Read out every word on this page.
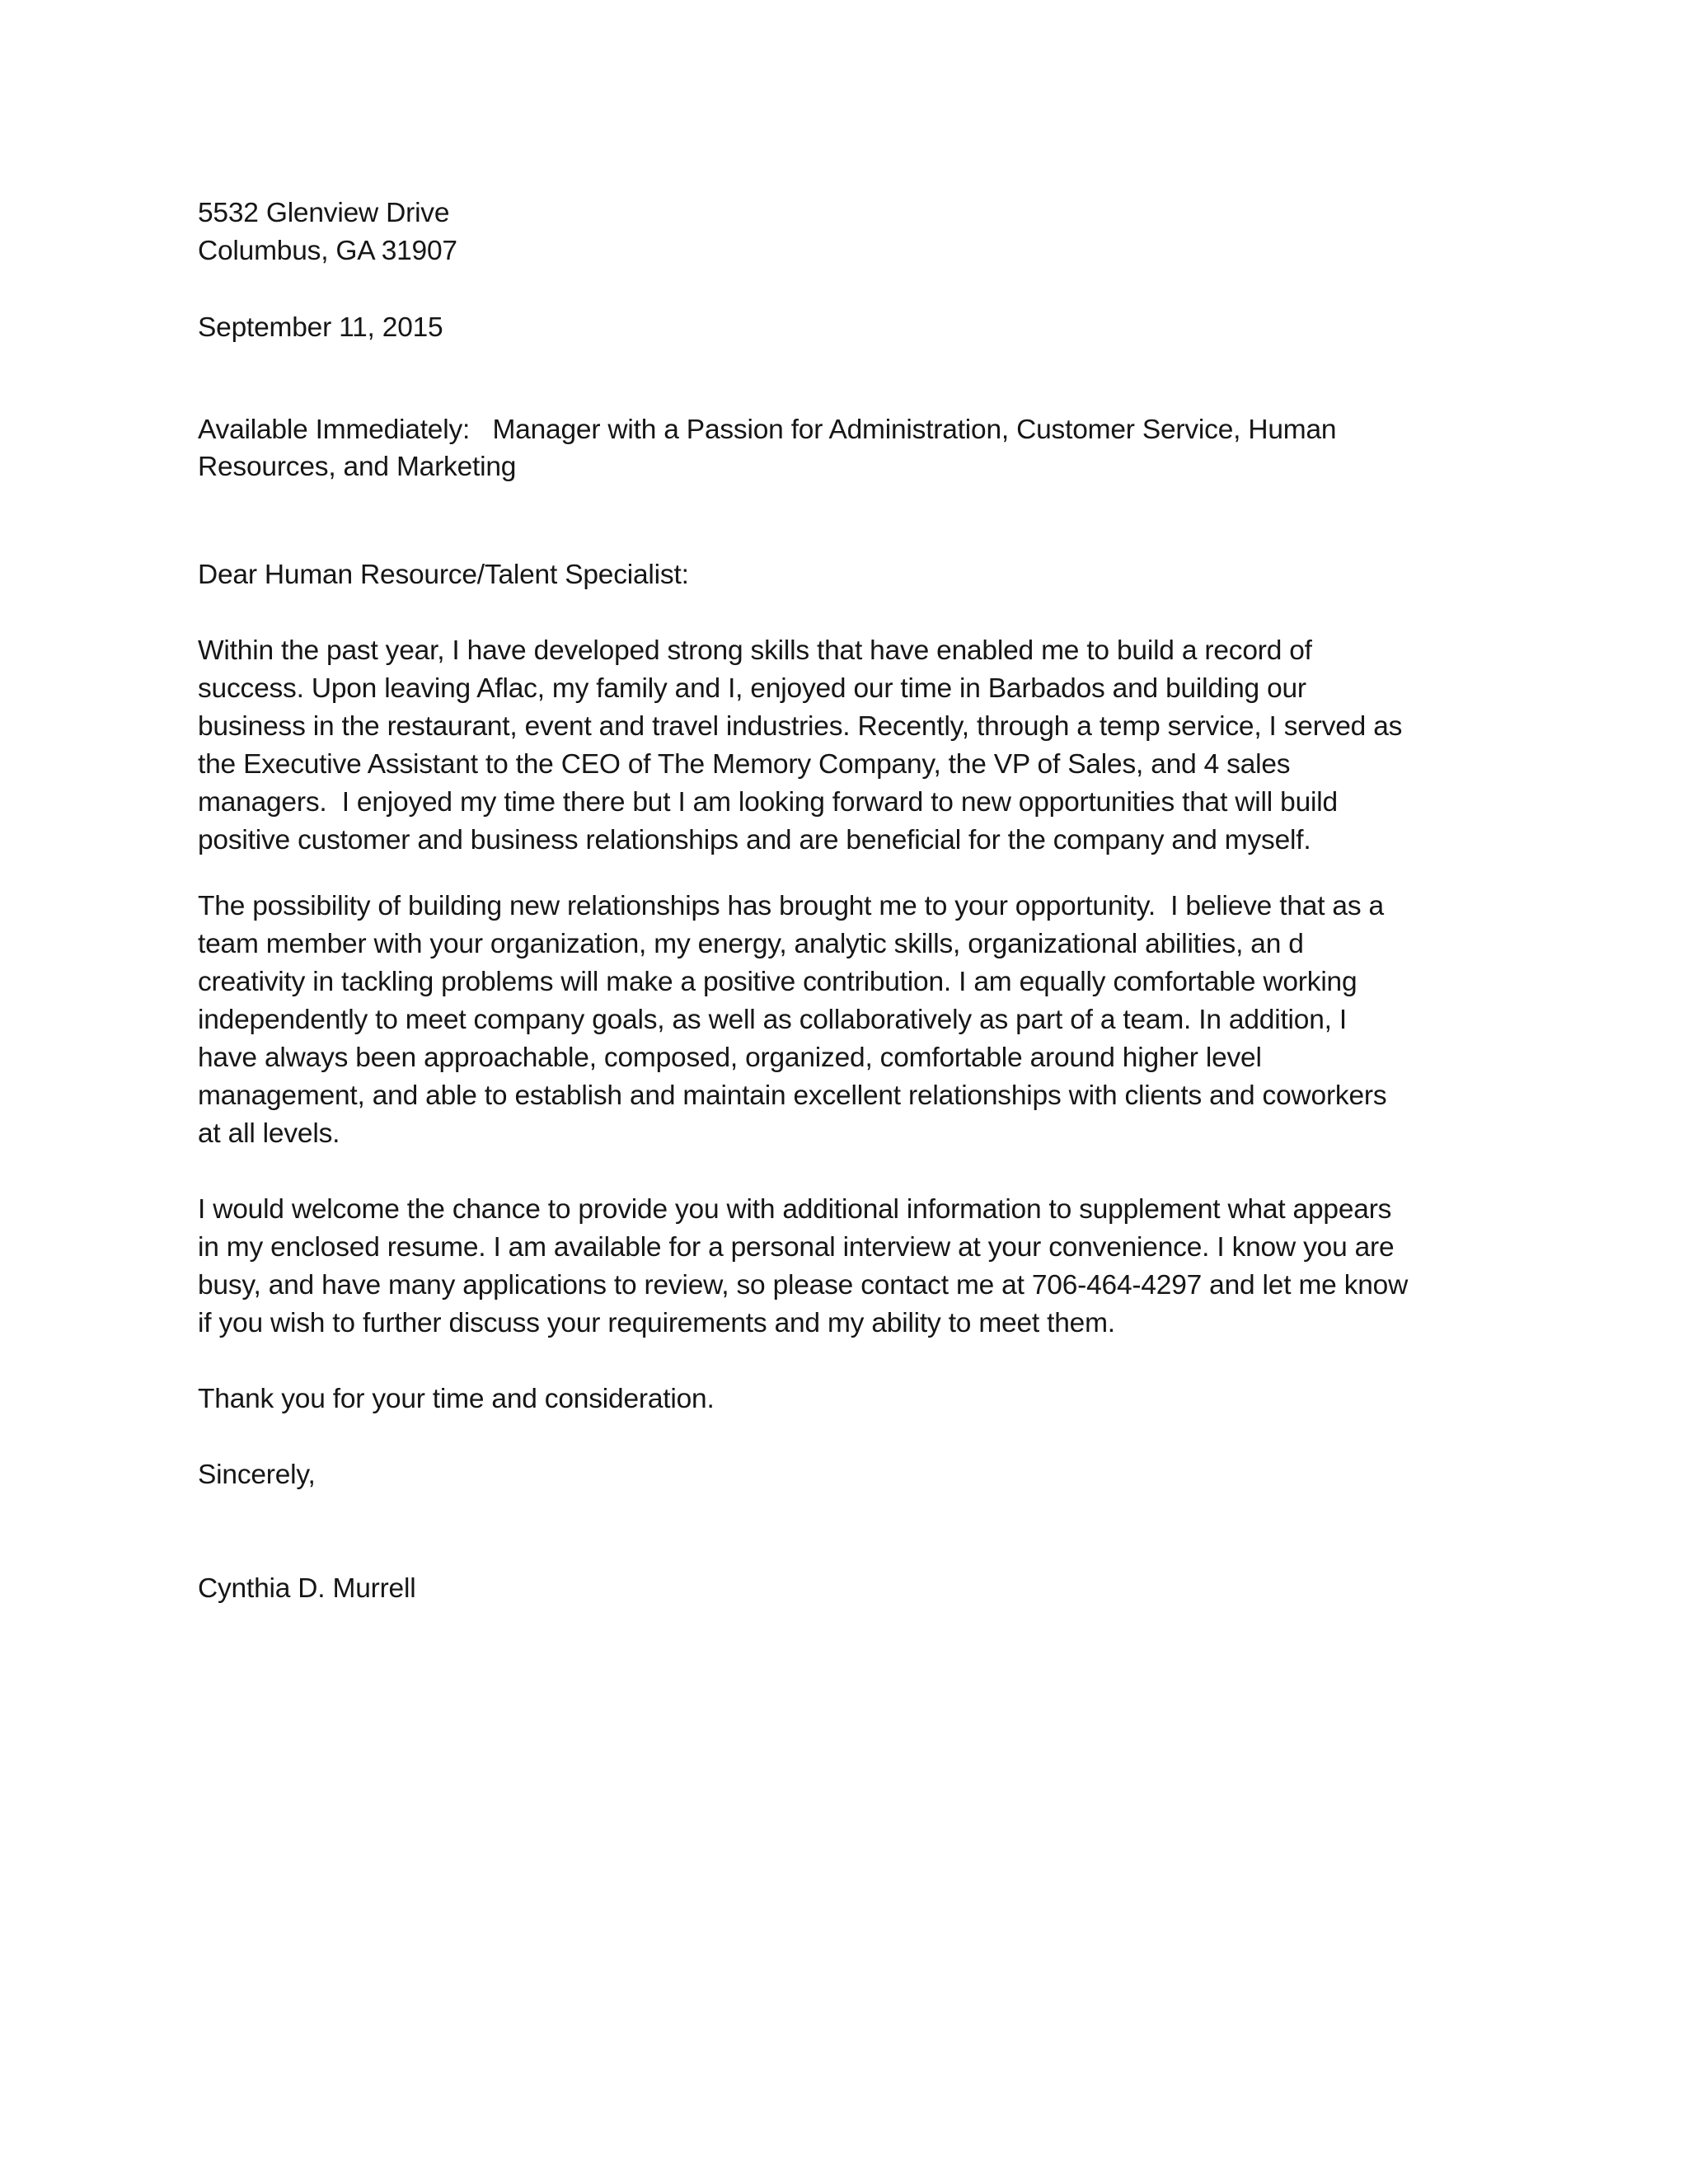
5532 Glenview Drive
Columbus, GA 31907
September 11, 2015
Available Immediately:   Manager with a Passion for Administration, Customer Service, Human
Resources, and Marketing
Dear Human Resource/Talent Specialist:
Within the past year, I have developed strong skills that have enabled me to build a record of
success. Upon leaving Aflac, my family and I, enjoyed our time in Barbados and building our
business in the restaurant, event and travel industries. Recently, through a temp service, I served as
the Executive Assistant to the CEO of The Memory Company, the VP of Sales, and 4 sales
managers.  I enjoyed my time there but I am looking forward to new opportunities that will build
positive customer and business relationships and are beneficial for the company and myself.
The possibility of building new relationships has brought me to your opportunity.  I believe that as a
team member with your organization, my energy, analytic skills, organizational abilities, an d
creativity in tackling problems will make a positive contribution. I am equally comfortable working
independently to meet company goals, as well as collaboratively as part of a team. In addition, I
have always been approachable, composed, organized, comfortable around higher level
management, and able to establish and maintain excellent relationships with clients and coworkers
at all levels.
I would welcome the chance to provide you with additional information to supplement what appears
in my enclosed resume. I am available for a personal interview at your convenience. I know you are
busy, and have many applications to review, so please contact me at 706-464-4297 and let me know
if you wish to further discuss your requirements and my ability to meet them.
Thank you for your time and consideration.
Sincerely,
Cynthia D. Murrell
